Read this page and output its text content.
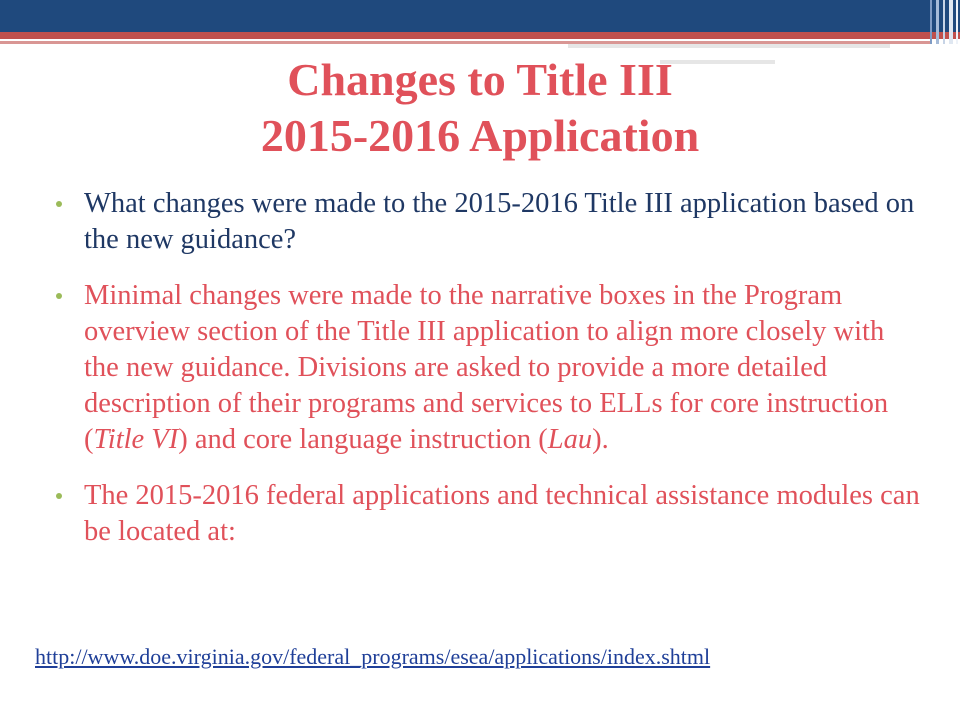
Changes to Title III
2015-2016 Application
What changes were made to the 2015-2016 Title III application based on the new guidance?
Minimal changes were made to the narrative boxes in the Program overview section of the Title III application to align more closely with the new guidance. Divisions are asked to provide a more detailed description of their programs and services to ELLs for core instruction (Title VI) and core language instruction (Lau).
The 2015-2016 federal applications and technical assistance modules can be located at:
http://www.doe.virginia.gov/federal_programs/esea/applications/index.shtml
